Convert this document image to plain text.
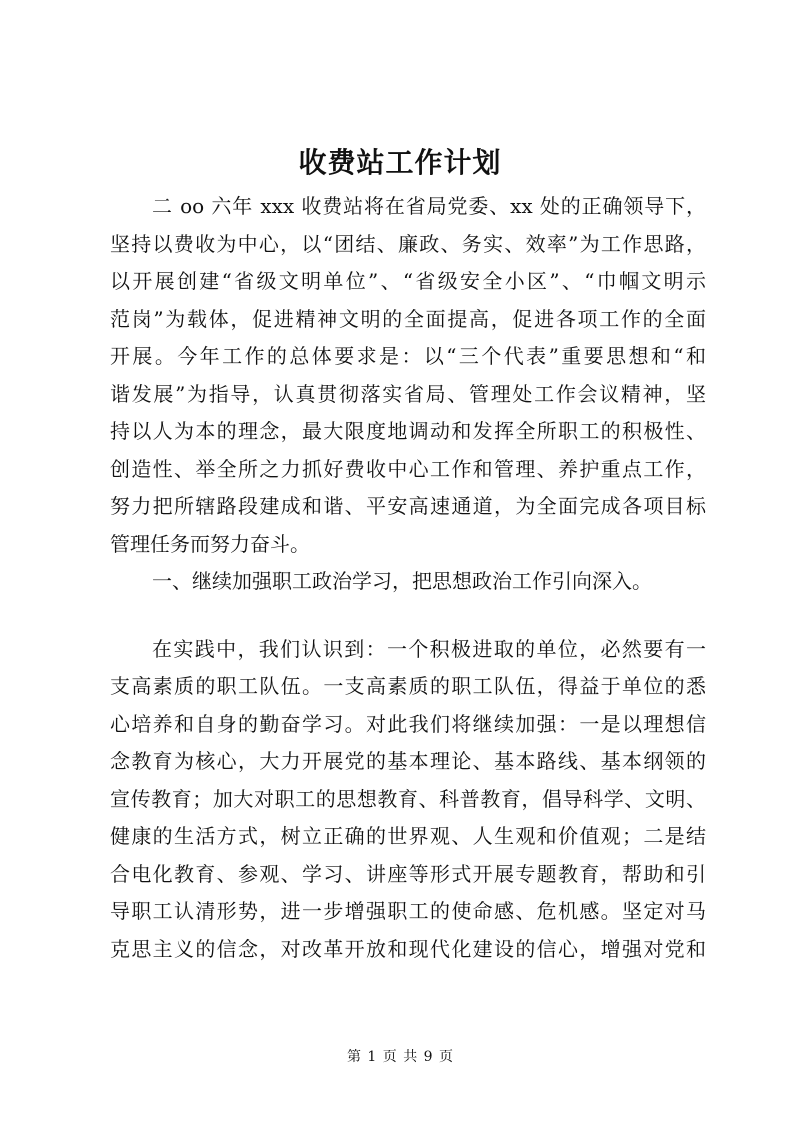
收费站工作计划
二 oo 六年 xxx 收费站将在省局党委、xx 处的正确领导下，
坚持以费收为中心，以“团结、廉政、务实、效率”为工作思路，
以开展创建“省级文明单位”、“省级安全小区”、“巾帼文明示
范岗”为载体，促进精神文明的全面提高，促进各项工作的全面
开展。今年工作的总体要求是：以“三个代表”重要思想和“和
谐发展”为指导，认真贯彻落实省局、管理处工作会议精神，坚
持以人为本的理念，最大限度地调动和发挥全所职工的积极性、
创造性、举全所之力抓好费收中心工作和管理、养护重点工作，
努力把所辖路段建成和谐、平安高速通道，为全面完成各项目标
管理任务而努力奋斗。
一、继续加强职工政治学习，把思想政治工作引向深入。
在实践中，我们认识到：一个积极进取的单位，必然要有一
支高素质的职工队伍。一支高素质的职工队伍，得益于单位的悉
心培养和自身的勤奋学习。对此我们将继续加强：一是以理想信
念教育为核心，大力开展党的基本理论、基本路线、基本纲领的
宣传教育；加大对职工的思想教育、科普教育，倡导科学、文明、
健康的生活方式，树立正确的世界观、人生观和价值观；二是结
合电化教育、参观、学习、讲座等形式开展专题教育，帮助和引
导职工认清形势，进一步增强职工的使命感、危机感。坚定对马
克思主义的信念，对改革开放和现代化建设的信心，增强对党和
第 1 页 共 9 页
